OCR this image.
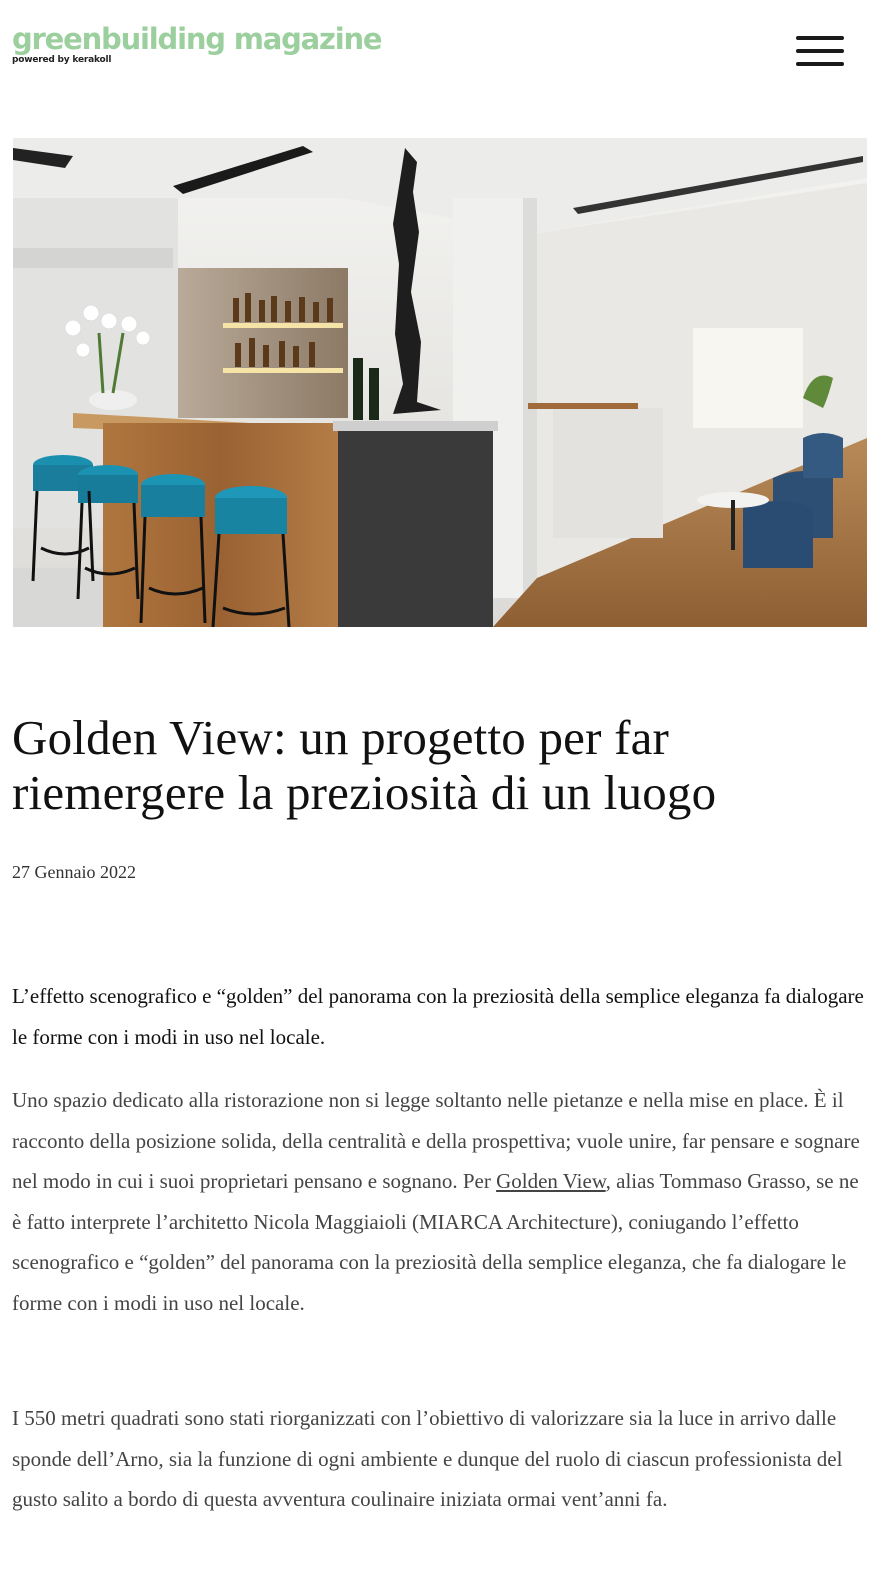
greenbuilding magazine
powered by kerakoll
Golden View: un progetto per far riemergere la preziosità di un luogo
27 Gennaio 2022

L’effetto scenografico e “golden” del panorama con la preziosità della semplice eleganza fa dialogare le forme con i modi in uso nel locale.

Uno spazio dedicato alla ristorazione non si legge soltanto nelle pietanze e nella mise en place. È il racconto della posizione solida, della centralità e della prospettiva; vuole unire, far pensare e sognare nel modo in cui i suoi proprietari pensano e sognano. Per Golden View, alias Tommaso Grasso, se ne è fatto interprete l’architetto Nicola Maggiaioli (MIARCA Architecture), coniugando l’effetto scenografico e “golden” del panorama con la preziosità della semplice eleganza, che fa dialogare le forme con i modi in uso nel locale.

I 550 metri quadrati sono stati riorganizzati con l’obiettivo di valorizzare sia la luce in arrivo dalle sponde dell’Arno, sia la funzione di ogni ambiente e dunque del ruolo di ciascun professionista del gusto salito a bordo di questa avventura coulinaire iniziata ormai vent’anni fa.
